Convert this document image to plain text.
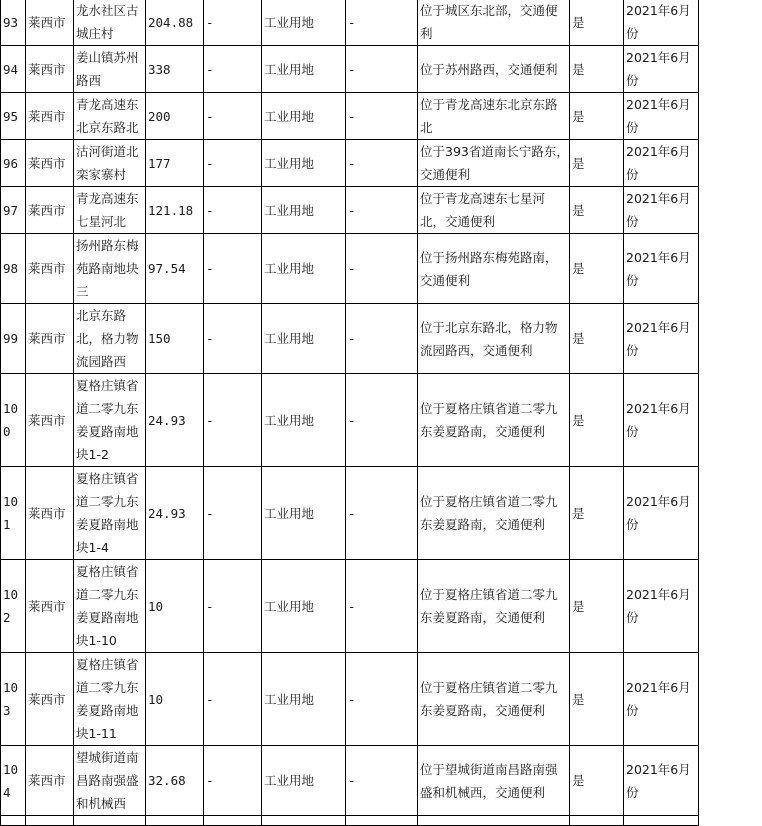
93	莱西市	龙水社区古城庄村	204.88	-	工业用地	-	位于城区东北部，交通便利	是	2021年6月份
94	莱西市	姜山镇苏州路西	338	-	工业用地	-	位于苏州路西，交通便利	是	2021年6月份
95	莱西市	青龙高速东北京东路北	200	-	工业用地	-	位于青龙高速东北京东路北	是	2021年6月份
96	莱西市	沽河街道北栾家寨村	177	-	工业用地	-	位于393省道南长宁路东，交通便利	是	2021年6月份
97	莱西市	青龙高速东七星河北	121.18	-	工业用地	-	位于青龙高速东七星河北，交通便利	是	2021年6月份
98	莱西市	扬州路东梅苑路南地块三	97.54	-	工业用地	-	位于扬州路东梅苑路南，交通便利	是	2021年6月份
99	莱西市	北京东路北，格力物流园路西	150	-	工业用地	-	位于北京东路北，格力物流园路西，交通便利	是	2021年6月份
100	莱西市	夏格庄镇省道二零九东姜夏路南地块1-2	24.93	-	工业用地	-	位于夏格庄镇省道二零九东姜夏路南，交通便利	是	2021年6月份
101	莱西市	夏格庄镇省道二零九东姜夏路南地块1-4	24.93	-	工业用地	-	位于夏格庄镇省道二零九东姜夏路南，交通便利	是	2021年6月份
102	莱西市	夏格庄镇省道二零九东姜夏路南地块1-10	10	-	工业用地	-	位于夏格庄镇省道二零九东姜夏路南，交通便利	是	2021年6月份
103	莱西市	夏格庄镇省道二零九东姜夏路南地块1-11	10	-	工业用地	-	位于夏格庄镇省道二零九东姜夏路南，交通便利	是	2021年6月份
104	莱西市	望城街道南昌路南强盛和机械西	32.68	-	工业用地	-	位于望城街道南昌路南强盛和机械西，交通便利	是	2021年6月份
